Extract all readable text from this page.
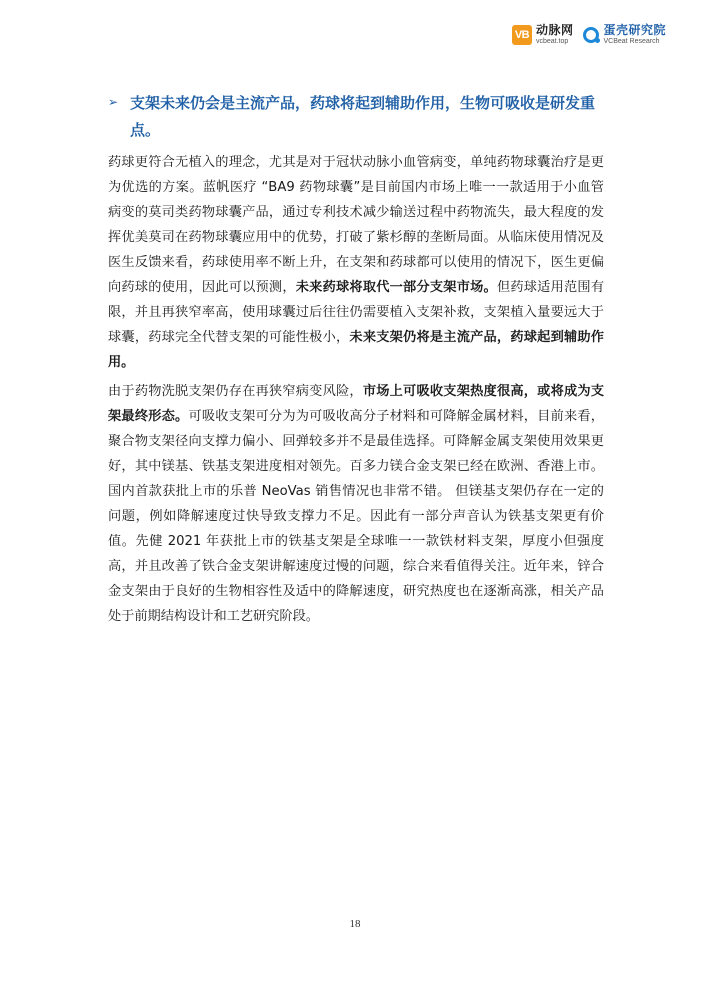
VB 动脉网
vcbeat.top
蛋壳研究院
VCBeat Research
➢ 支架未来仍会是主流产品，药球将起到辅助作用，生物可吸收是研发重点。
药球更符合无植入的理念，尤其是对于冠状动脉小血管病变，单纯药物球囊治疗是更为优选的方案。蓝帆医疗 “BA9 药物球囊”是目前国内市场上唯一一款适用于小血管病变的莫司类药物球囊产品，通过专利技术减少输送过程中药物流失，最大程度的发挥优美莫司在药物球囊应用中的优势，打破了紫杉醇的垄断局面。从临床使用情况及医生反馈来看，药球使用率不断上升，在支架和药球都可以使用的情况下，医生更偏向药球的使用，因此可以预测，未来药球将取代一部分支架市场。但药球适用范围有限，并且再狭窄率高，使用球囊过后往往仍需要植入支架补救，支架植入量要远大于球囊，药球完全代替支架的可能性极小，未来支架仍将是主流产品，药球起到辅助作用。
由于药物洗脱支架仍存在再狭窄病变风险，市场上可吸收支架热度很高，或将成为支架最终形态。可吸收支架可分为为可吸收高分子材料和可降解金属材料，目前来看，聚合物支架径向支撑力偏小、回弹较多并不是最佳选择。可降解金属支架使用效果更好，其中镁基、铁基支架进度相对领先。百多力镁合金支架已经在欧洲、香港上市。国内首款获批上市的乐普 NeoVas 销售情况也非常不错。 但镁基支架仍存在一定的问题，例如降解速度过快导致支撑力不足。因此有一部分声音认为铁基支架更有价值。先健 2021 年获批上市的铁基支架是全球唯一一款铁材料支架，厚度小但强度高，并且改善了铁合金支架讲解速度过慢的问题，综合来看值得关注。近年来，锌合金支架由于良好的生物相容性及适中的降解速度，研究热度也在逐渐高涨，相关产品处于前期结构设计和工艺研究阶段。
18
